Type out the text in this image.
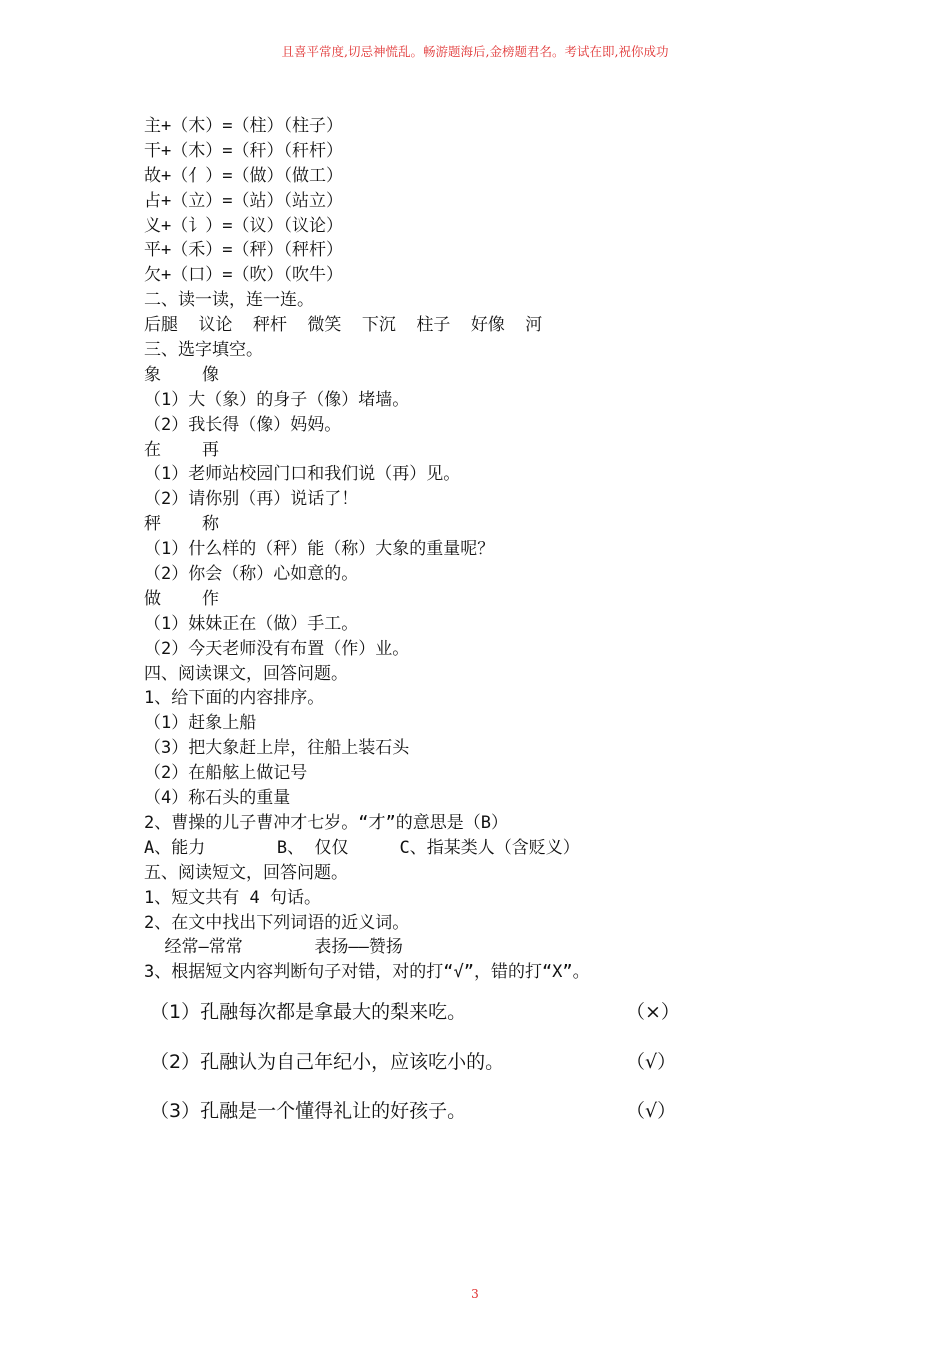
且喜平常度,切忌神慌乱。畅游题海后,金榜题君名。考试在即,祝你成功
主+（木）=（柱）（柱子）
干+（木）=（秆）（秆杆）
故+（亻）=（做）（做工）
占+（立）=（站）（站立）
义+（讠）=（议）（议论）
平+（禾）=（秤）（秤杆）
欠+（口）=（吹）（吹牛）
二、读一读，连一连。
后腿  议论  秤杆  微笑  下沉  柱子  好像  河
三、选字填空。
象    像
（1）大（象）的身子（像）堵墙。
（2）我长得（像）妈妈。
在    再
（1）老师站校园门口和我们说（再）见。
（2）请你别（再）说话了！
秤    称
（1）什么样的（秤）能（称）大象的重量呢？
（2）你会（称）心如意的。
做    作
（1）妹妹正在（做）手工。
（2）今天老师没有布置（作）业。
四、阅读课文，回答问题。
1、给下面的内容排序。
（1）赶象上船
（3）把大象赶上岸，往船上装石头
（2）在船舷上做记号
（4）称石头的重量
2、曹操的儿子曹冲才七岁。“才”的意思是（B）
A、能力       B、 仅仅     C、指某类人（含贬义）
五、阅读短文，回答问题。
1、短文共有 4 句话。
2、在文中找出下列词语的近义词。
经常—常常       表扬——赞扬
3、根据短文内容判断句子对错，对的打“√”，错的打“X”。
（1）孔融每次都是拿最大的梨来吃。	（×）
（2）孔融认为自己年纪小，应该吃小的。	（√）
（3）孔融是一个懂得礼让的好孩子。	（√）
3
